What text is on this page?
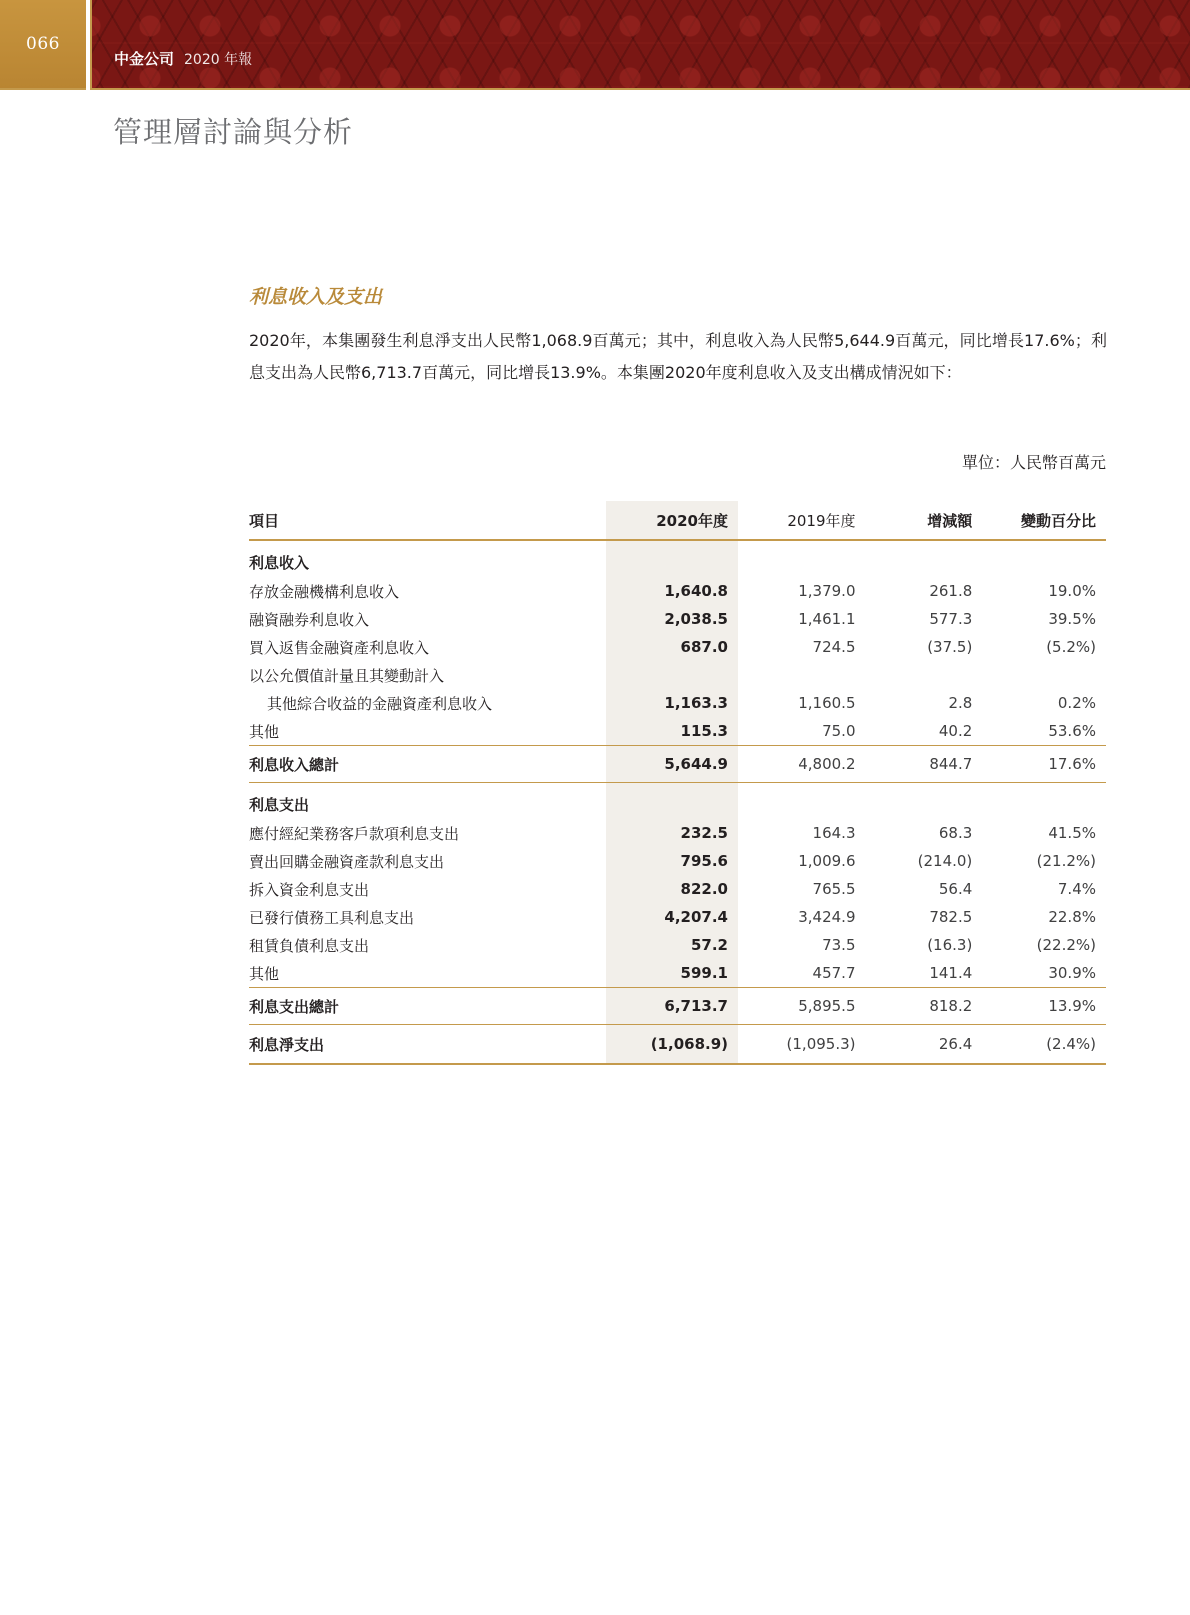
066
中金公司 2020 年報
管理層討論與分析
利息收入及支出
2020年，本集團發生利息淨支出人民幣1,068.9百萬元；其中，利息收入為人民幣5,644.9百萬元，同比增長17.6%；利息支出為人民幣6,713.7百萬元，同比增長13.9%。本集團2020年度利息收入及支出構成情況如下：
單位：人民幣百萬元
項目	2020年度	2019年度	增減額	變動百分比
利息收入				
存放金融機構利息收入	1,640.8	1,379.0	261.8	19.0%
融資融券利息收入	2,038.5	1,461.1	577.3	39.5%
買入返售金融資產利息收入	687.0	724.5	(37.5)	(5.2%)
以公允價值計量且其變動計入				
其他綜合收益的金融資產利息收入	1,163.3	1,160.5	2.8	0.2%
其他	115.3	75.0	40.2	53.6%
利息收入總計	5,644.9	4,800.2	844.7	17.6%
利息支出				
應付經紀業務客戶款項利息支出	232.5	164.3	68.3	41.5%
賣出回購金融資產款利息支出	795.6	1,009.6	(214.0)	(21.2%)
拆入資金利息支出	822.0	765.5	56.4	7.4%
已發行債務工具利息支出	4,207.4	3,424.9	782.5	22.8%
租賃負債利息支出	57.2	73.5	(16.3)	(22.2%)
其他	599.1	457.7	141.4	30.9%
利息支出總計	6,713.7	5,895.5	818.2	13.9%
利息淨支出	(1,068.9)	(1,095.3)	26.4	(2.4%)
